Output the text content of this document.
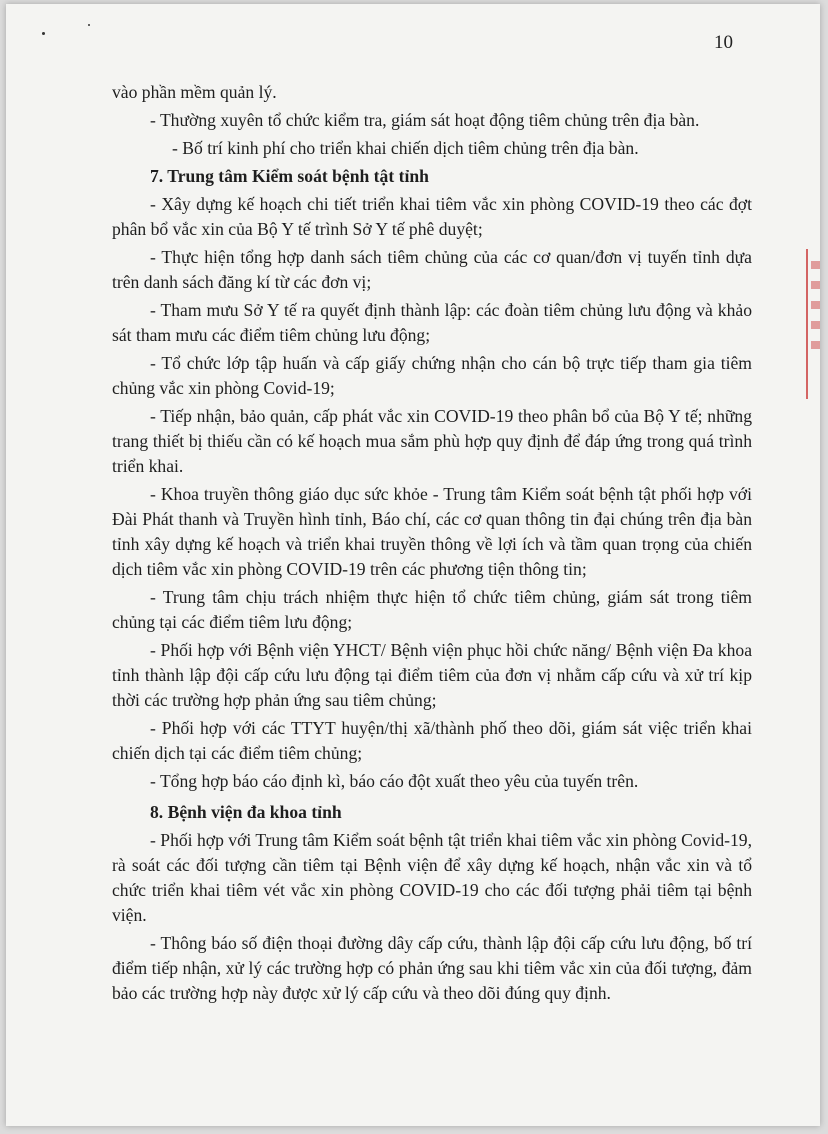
10

vào phần mềm quản lý.

- Thường xuyên tổ chức kiểm tra, giám sát hoạt động tiêm chủng trên địa bàn.

- Bố trí kinh phí cho triển khai chiến dịch tiêm chủng trên địa bàn.

7. Trung tâm Kiểm soát bệnh tật tỉnh

- Xây dựng kế hoạch chi tiết triển khai tiêm vắc xin phòng COVID-19 theo các đợt phân bổ vắc xin của Bộ Y tế trình Sở Y tế phê duyệt;

- Thực hiện tổng hợp danh sách tiêm chủng của các cơ quan/đơn vị tuyến tỉnh dựa trên danh sách đăng kí từ các đơn vị;

- Tham mưu Sở Y tế ra quyết định thành lập: các đoàn tiêm chủng lưu động và khảo sát tham mưu các điểm tiêm chủng lưu động;

- Tổ chức lớp tập huấn và cấp giấy chứng nhận cho cán bộ trực tiếp tham gia tiêm chủng vắc xin phòng Covid-19;

- Tiếp nhận, bảo quản, cấp phát vắc xin COVID-19 theo phân bổ của Bộ Y tế; những trang thiết bị thiếu cần có kế hoạch mua sắm phù hợp quy định để đáp ứng trong quá trình triển khai.

- Khoa truyền thông giáo dục sức khỏe - Trung tâm Kiểm soát bệnh tật phối hợp với Đài Phát thanh và Truyền hình tỉnh, Báo chí, các cơ quan thông tin đại chúng trên địa bàn tỉnh xây dựng kế hoạch và triển khai truyền thông về lợi ích và tầm quan trọng của chiến dịch tiêm vắc xin phòng COVID-19 trên các phương tiện thông tin;

- Trung tâm chịu trách nhiệm thực hiện tổ chức tiêm chủng, giám sát trong tiêm chủng tại các điểm tiêm lưu động;

- Phối hợp với Bệnh viện YHCT/ Bệnh viện phục hồi chức năng/ Bệnh viện Đa khoa tỉnh thành lập đội cấp cứu lưu động tại điểm tiêm của đơn vị nhằm cấp cứu và xử trí kịp thời các trường hợp phản ứng sau tiêm chủng;

- Phối hợp với các TTYT huyện/thị xã/thành phố theo dõi, giám sát việc triển khai chiến dịch tại các điểm tiêm chủng;

- Tổng hợp báo cáo định kì, báo cáo đột xuất theo yêu của tuyến trên.

8. Bệnh viện đa khoa tỉnh

- Phối hợp với Trung tâm Kiểm soát bệnh tật triển khai tiêm vắc xin phòng Covid-19, rà soát các đối tượng cần tiêm tại Bệnh viện để xây dựng kế hoạch, nhận vắc xin và tổ chức triển khai tiêm vét vắc xin phòng COVID-19 cho các đối tượng phải tiêm tại bệnh viện.

- Thông báo số điện thoại đường dây cấp cứu, thành lập đội cấp cứu lưu động, bố trí điểm tiếp nhận, xử lý các trường hợp có phản ứng sau khi tiêm vắc xin của đối tượng, đảm bảo các trường hợp này được xử lý cấp cứu và theo dõi đúng quy định.
